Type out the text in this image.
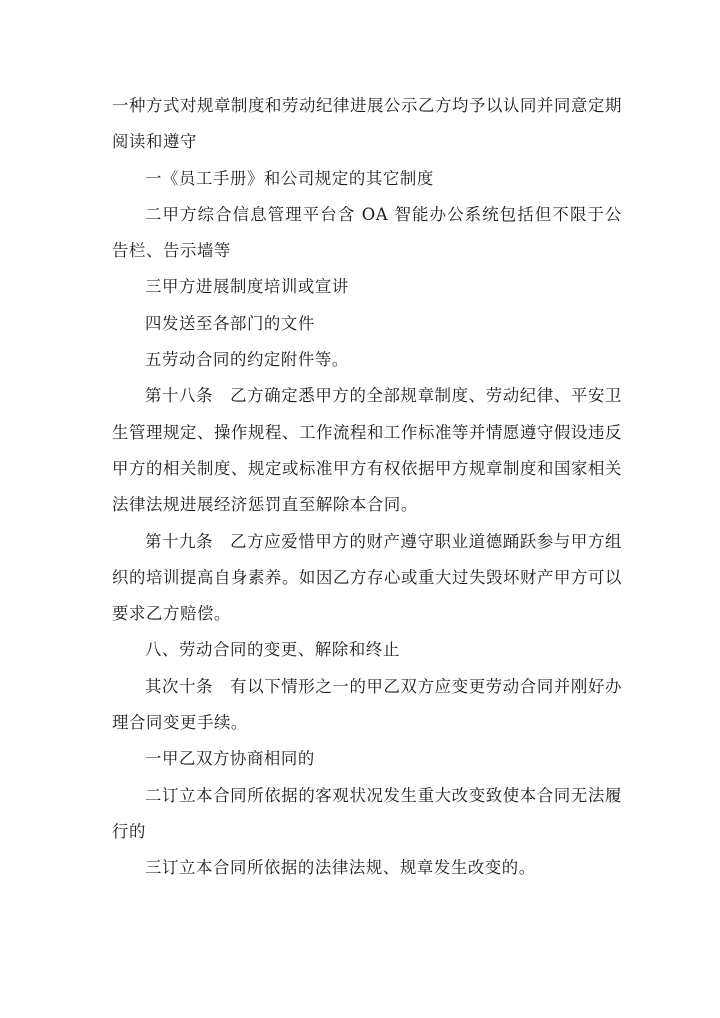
一种方式对规章制度和劳动纪律进展公示乙方均予以认同并同意定期阅读和遵守

一《员工手册》和公司规定的其它制度

二甲方综合信息管理平台含 OA 智能办公系统包括但不限于公告栏、告示墙等

三甲方进展制度培训或宣讲

四发送至各部门的文件

五劳动合同的约定附件等。

第十八条　乙方确定悉甲方的全部规章制度、劳动纪律、平安卫生管理规定、操作规程、工作流程和工作标准等并情愿遵守假设违反甲方的相关制度、规定或标准甲方有权依据甲方规章制度和国家相关法律法规进展经济惩罚直至解除本合同。

第十九条　乙方应爱惜甲方的财产遵守职业道德踊跃参与甲方组织的培训提高自身素养。如因乙方存心或重大过失毁坏财产甲方可以要求乙方赔偿。

八、劳动合同的变更、解除和终止

其次十条　有以下情形之一的甲乙双方应变更劳动合同并刚好办理合同变更手续。

一甲乙双方协商相同的

二订立本合同所依据的客观状况发生重大改变致使本合同无法履行的

三订立本合同所依据的法律法规、规章发生改变的。
